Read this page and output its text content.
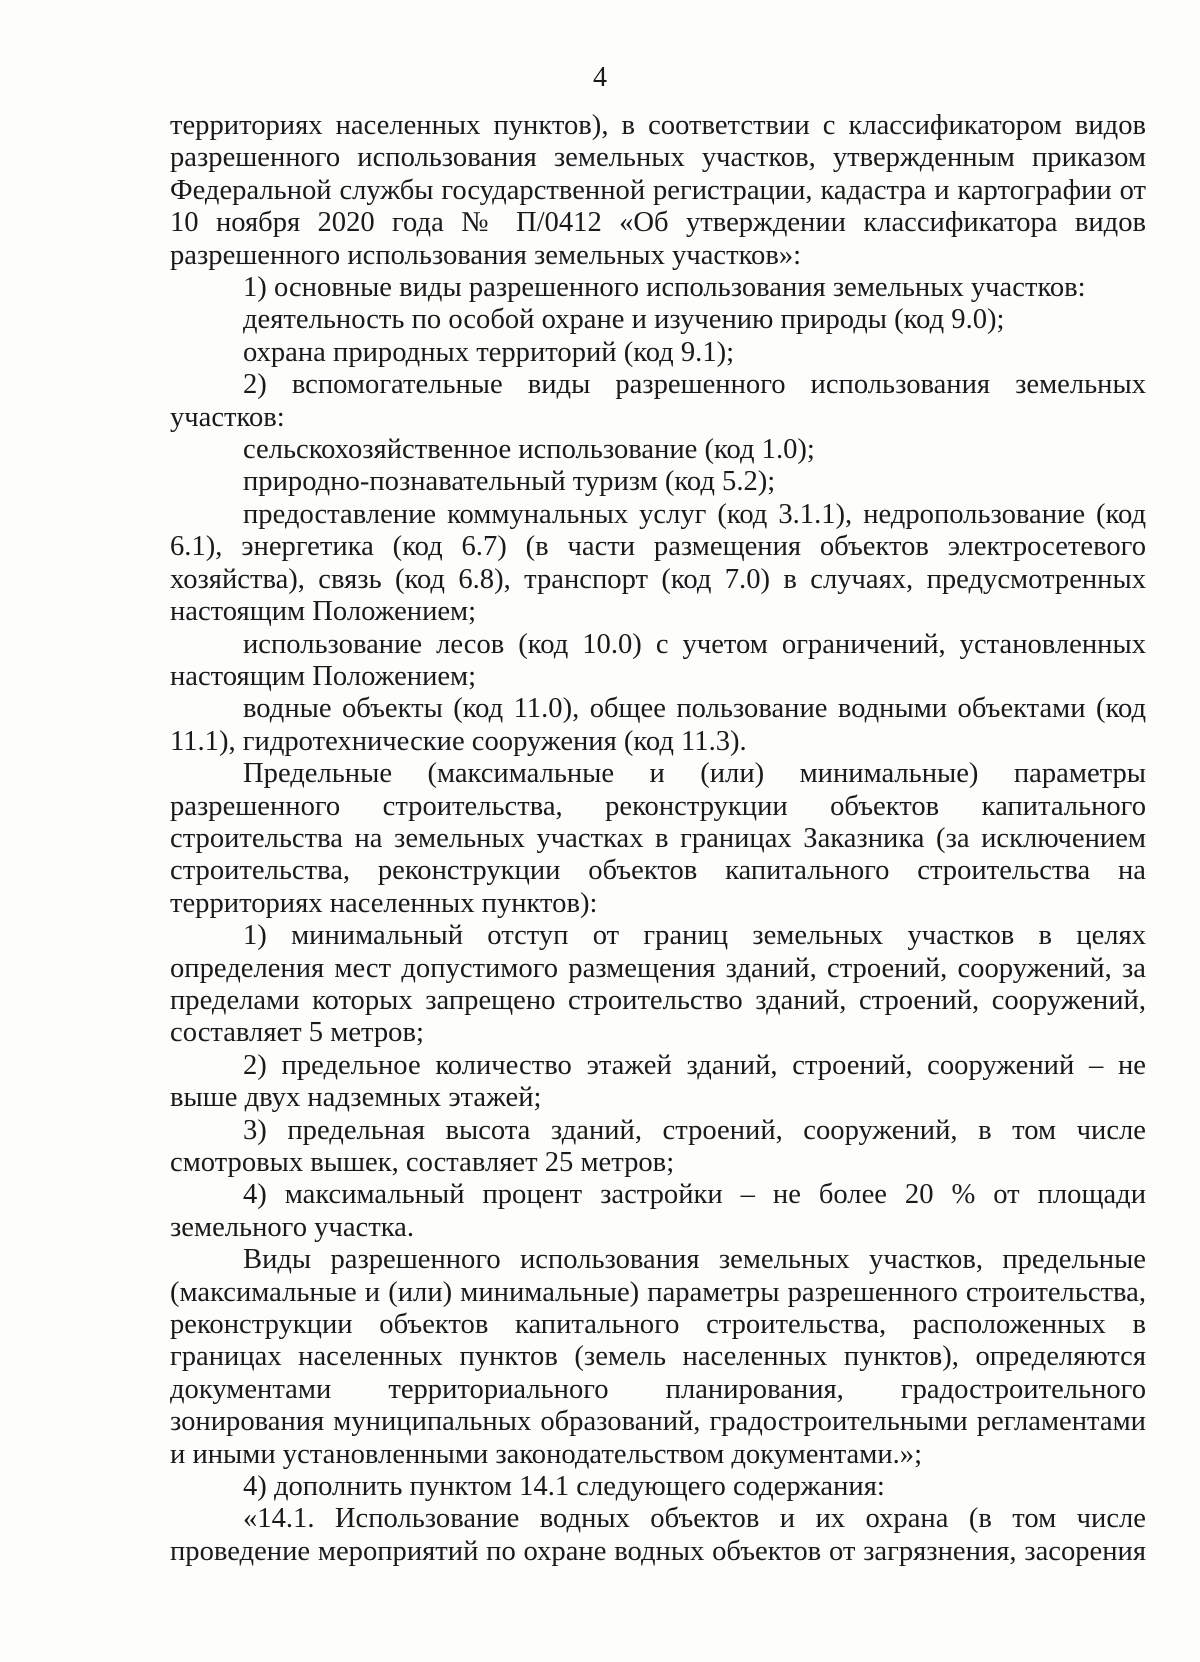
4

территориях населенных пунктов), в соответствии с классификатором видов разрешенного использования земельных участков, утвержденным приказом Федеральной службы государственной регистрации, кадастра и картографии от 10 ноября 2020 года № П/0412 «Об утверждении классификатора видов разрешенного использования земельных участков»:

1) основные виды разрешенного использования земельных участков:

деятельность по особой охране и изучению природы (код 9.0);

охрана природных территорий (код 9.1);

2) вспомогательные виды разрешенного использования земельных участков:

сельскохозяйственное использование (код 1.0);

природно-познавательный туризм (код 5.2);

предоставление коммунальных услуг (код 3.1.1), недропользование (код 6.1), энергетика (код 6.7) (в части размещения объектов электросетевого хозяйства), связь (код 6.8), транспорт (код 7.0) в случаях, предусмотренных настоящим Положением;

использование лесов (код 10.0) с учетом ограничений, установленных настоящим Положением;

водные объекты (код 11.0), общее пользование водными объектами (код 11.1), гидротехнические сооружения (код 11.3).

Предельные (максимальные и (или) минимальные) параметры разрешенного строительства, реконструкции объектов капитального строительства на земельных участках в границах Заказника (за исключением строительства, реконструкции объектов капитального строительства на территориях населенных пунктов):

1) минимальный отступ от границ земельных участков в целях определения мест допустимого размещения зданий, строений, сооружений, за пределами которых запрещено строительство зданий, строений, сооружений, составляет 5 метров;

2) предельное количество этажей зданий, строений, сооружений – не выше двух надземных этажей;

3) предельная высота зданий, строений, сооружений, в том числе смотровых вышек, составляет 25 метров;

4) максимальный процент застройки – не более 20 % от площади земельного участка.

Виды разрешенного использования земельных участков, предельные (максимальные и (или) минимальные) параметры разрешенного строительства, реконструкции объектов капитального строительства, расположенных в границах населенных пунктов (земель населенных пунктов), определяются документами территориального планирования, градостроительного зонирования муниципальных образований, градостроительными регламентами и иными установленными законодательством документами.»;

4) дополнить пунктом 14.1 следующего содержания:

«14.1. Использование водных объектов и их охрана (в том числе проведение мероприятий по охране водных объектов от загрязнения, засорения
